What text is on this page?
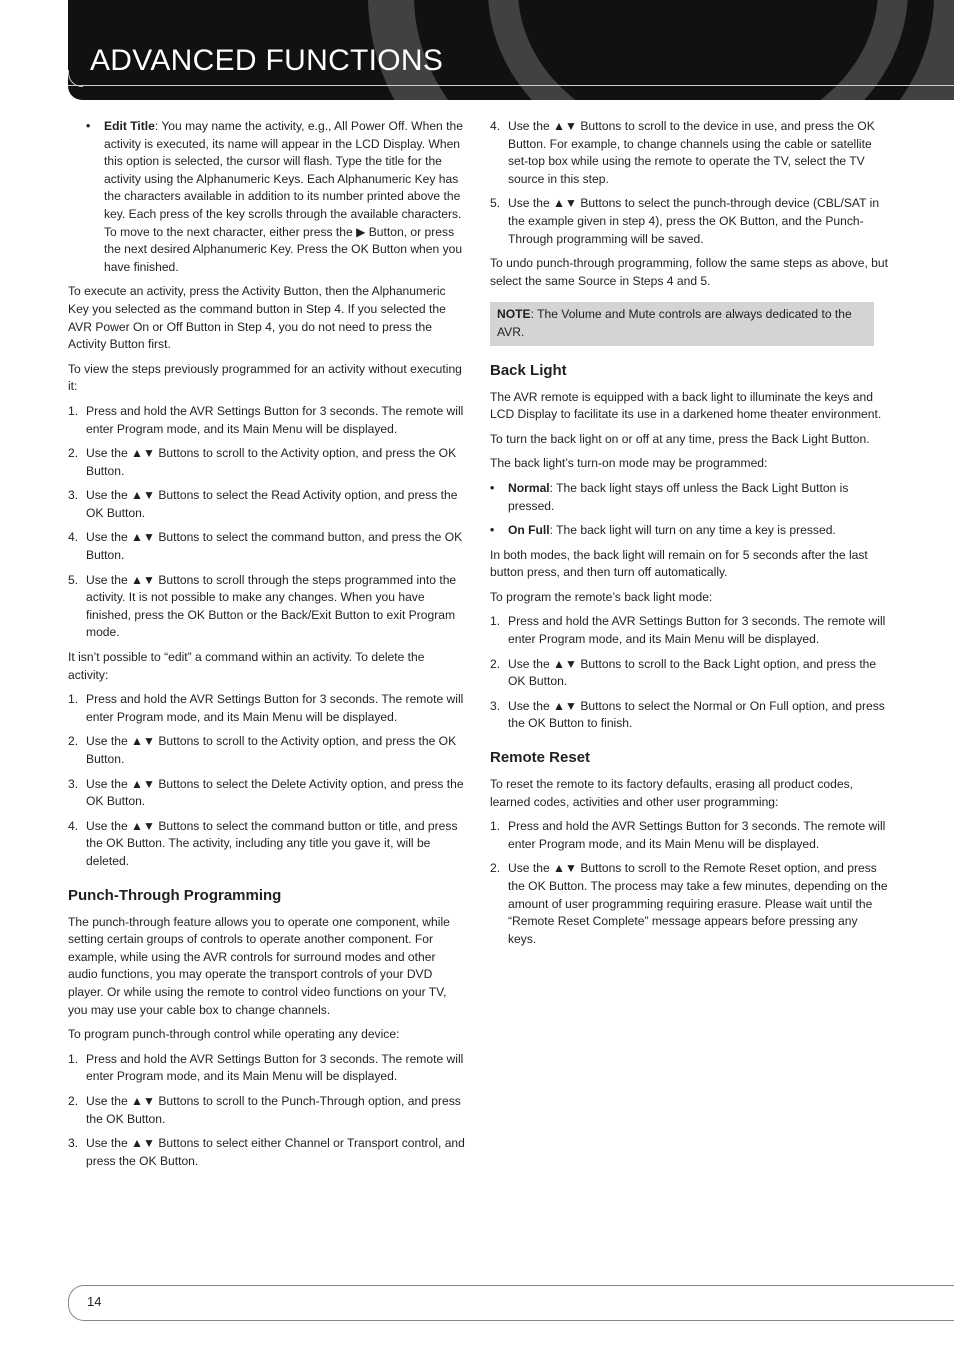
ADVANCED FUNCTIONS
• Edit Title: You may name the activity, e.g., All Power Off. When the activity is executed, its name will appear in the LCD Display. When this option is selected, the cursor will flash. Type the title for the activity using the Alphanumeric Keys. Each Alphanumeric Key has the characters available in addition to its number printed above the key. Each press of the key scrolls through the available characters. To move to the next character, either press the ▶ Button, or press the next desired Alphanumeric Key. Press the OK Button when you have finished.

To execute an activity, press the Activity Button, then the Alphanumeric Key you selected as the command button in Step 4. If you selected the AVR Power On or Off Button in Step 4, you do not need to press the Activity Button first.

To view the steps previously programmed for an activity without executing it:

1. Press and hold the AVR Settings Button for 3 seconds. The remote will enter Program mode, and its Main Menu will be displayed.
2. Use the ▲▼ Buttons to scroll to the Activity option, and press the OK Button.
3. Use the ▲▼ Buttons to select the Read Activity option, and press the OK Button.
4. Use the ▲▼ Buttons to select the command button, and press the OK Button.
5. Use the ▲▼ Buttons to scroll through the steps programmed into the activity. It is not possible to make any changes. When you have finished, press the OK Button or the Back/Exit Button to exit Program mode.

It isn’t possible to “edit” a command within an activity. To delete the activity:

1. Press and hold the AVR Settings Button for 3 seconds. The remote will enter Program mode, and its Main Menu will be displayed.
2. Use the ▲▼ Buttons to scroll to the Activity option, and press the OK Button.
3. Use the ▲▼ Buttons to select the Delete Activity option, and press the OK Button.
4. Use the ▲▼ Buttons to select the command button or title, and press the OK Button. The activity, including any title you gave it, will be deleted.
Punch-Through Programming

The punch-through feature allows you to operate one component, while setting certain groups of controls to operate another component. For example, while using the AVR controls for surround modes and other audio functions, you may operate the transport controls of your DVD player. Or while using the remote to control video functions on your TV, you may use your cable box to change channels.

To program punch-through control while operating any device:

1. Press and hold the AVR Settings Button for 3 seconds. The remote will enter Program mode, and its Main Menu will be displayed.
2. Use the ▲▼ Buttons to scroll to the Punch-Through option, and press the OK Button.
3. Use the ▲▼ Buttons to select either Channel or Transport control, and press the OK Button.
4. Use the ▲▼ Buttons to scroll to the device in use, and press the OK Button. For example, to change channels using the cable or satellite set-top box while using the remote to operate the TV, select the TV source in this step.
5. Use the ▲▼ Buttons to select the punch-through device (CBL/SAT in the example given in step 4), press the OK Button, and the Punch-Through programming will be saved.

To undo punch-through programming, follow the same steps as above, but select the same Source in Steps 4 and 5.

NOTE: The Volume and Mute controls are always dedicated to the AVR.
Back Light

The AVR remote is equipped with a back light to illuminate the keys and LCD Display to facilitate its use in a darkened home theater environment.

To turn the back light on or off at any time, press the Back Light Button.

The back light’s turn-on mode may be programmed:

• Normal: The back light stays off unless the Back Light Button is pressed.
• On Full: The back light will turn on any time a key is pressed.

In both modes, the back light will remain on for 5 seconds after the last button press, and then turn off automatically.

To program the remote’s back light mode:

1. Press and hold the AVR Settings Button for 3 seconds. The remote will enter Program mode, and its Main Menu will be displayed.
2. Use the ▲▼ Buttons to scroll to the Back Light option, and press the OK Button.
3. Use the ▲▼ Buttons to select the Normal or On Full option, and press the OK Button to finish.
Remote Reset

To reset the remote to its factory defaults, erasing all product codes, learned codes, activities and other user programming:

1. Press and hold the AVR Settings Button for 3 seconds. The remote will enter Program mode, and its Main Menu will be displayed.
2. Use the ▲▼ Buttons to scroll to the Remote Reset option, and press the OK Button. The process may take a few minutes, depending on the amount of user programming requiring erasure. Please wait until the “Remote Reset Complete” message appears before pressing any keys.
14
